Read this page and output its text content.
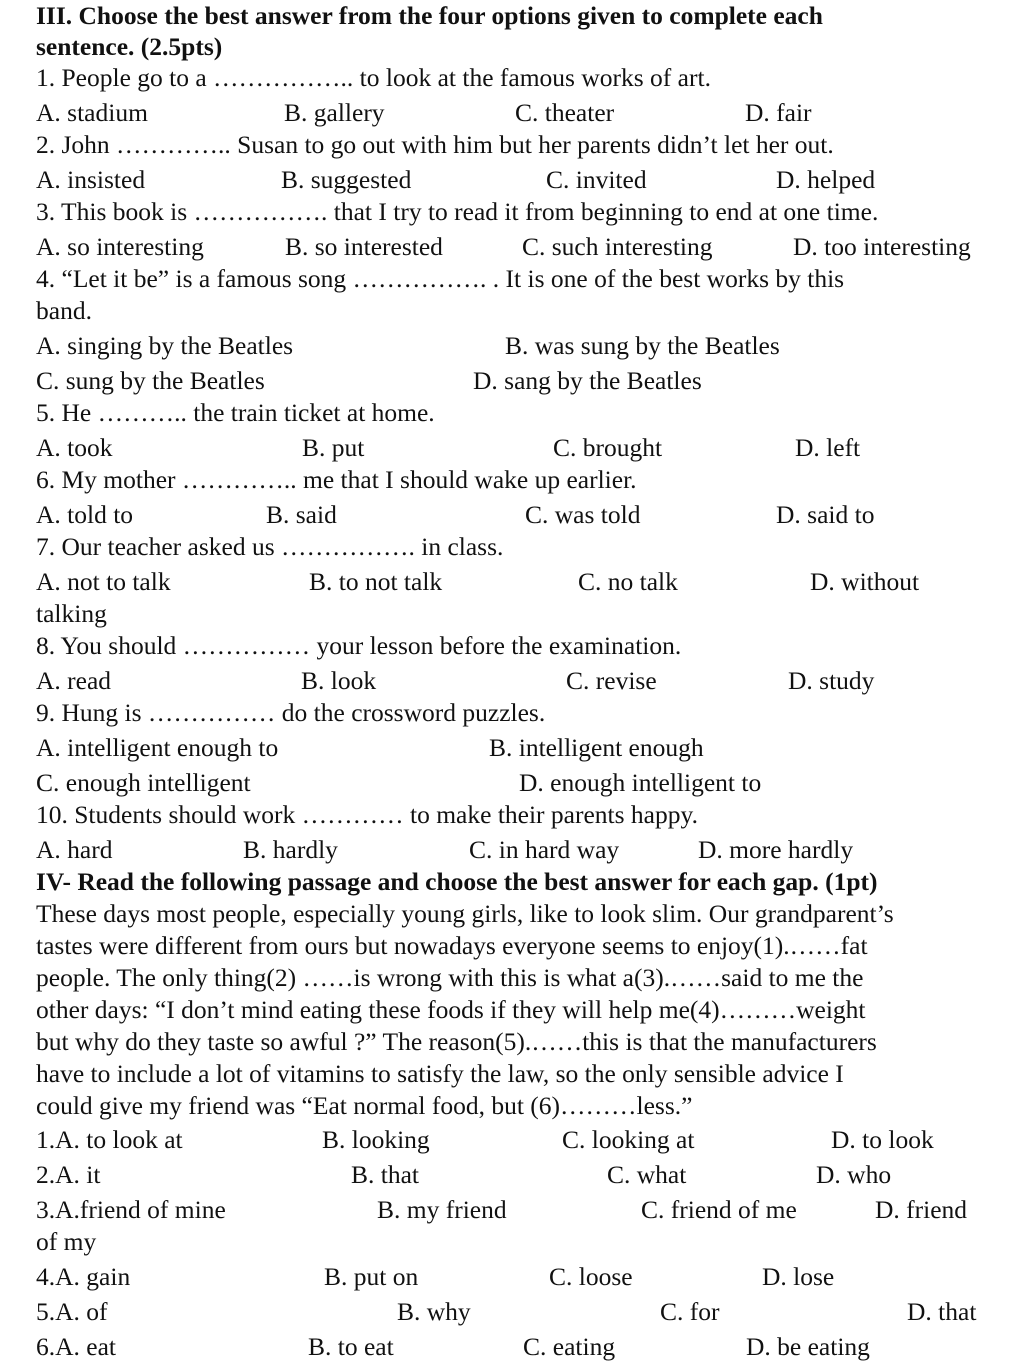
III. Choose the best answer from the four options given to complete each
sentence. (2.5pts)
1. People go to a …………….. to look at the famous works of art.
A. stadium	B. gallery	C. theater	D. fair
2. John ………….. Susan to go out with him but her parents didn’t let her out.
A. insisted	B. suggested	C. invited	D. helped
3. This book is ……………. that I try to read it from beginning to end at one time.
A. so interesting	B. so interested	C. such interesting	D. too interesting
4. “Let it be” is a famous song ……………. . It is one of the best works by this
band.
A. singing by the Beatles	B. was sung by the Beatles
C. sung by the Beatles	D. sang by the Beatles
5. He ……….. the train ticket at home.
A. took	B. put	C. brought	D. left
6. My mother ………….. me that I should wake up earlier.
A. told to	B. said	C. was told	D. said to
7. Our teacher asked us ……………. in class.
A. not to talk	B. to not talk	C. no talk	D. without
talking
8. You should …………… your lesson before the examination.
A. read	B. look	C. revise	D. study
9. Hung is …………… do the crossword puzzles.
A. intelligent enough to	B. intelligent enough
C. enough intelligent	D. enough intelligent to
10. Students should work ………… to make their parents happy.
A. hard	B. hardly	C. in hard way	D. more hardly
IV- Read the following passage and choose the best answer for each gap. (1pt)
These days most people, especially young girls, like to look slim. Our grandparent’s
tastes were different from ours but nowadays everyone seems to enjoy(1).……fat
people. The only thing(2) ……is wrong with this is what a(3).……said to me the
other days: “I don’t mind eating these foods if they will help me(4)………weight
but why do they taste so awful ?” The reason(5).……this is that the manufacturers
have to include a lot of vitamins to satisfy the law, so the only sensible advice I
could give my friend was “Eat normal food, but (6)………less.”
1.A. to look at	B. looking	C. looking at	D. to look
2.A. it	B. that	C. what	D. who
3.A.friend of mine	B. my friend	C. friend of me	D. friend
of my
4.A. gain	B. put on	C. loose	D. lose
5.A. of	B. why	C. for	D. that
6.A. eat	B. to eat	C. eating	D. be eating
